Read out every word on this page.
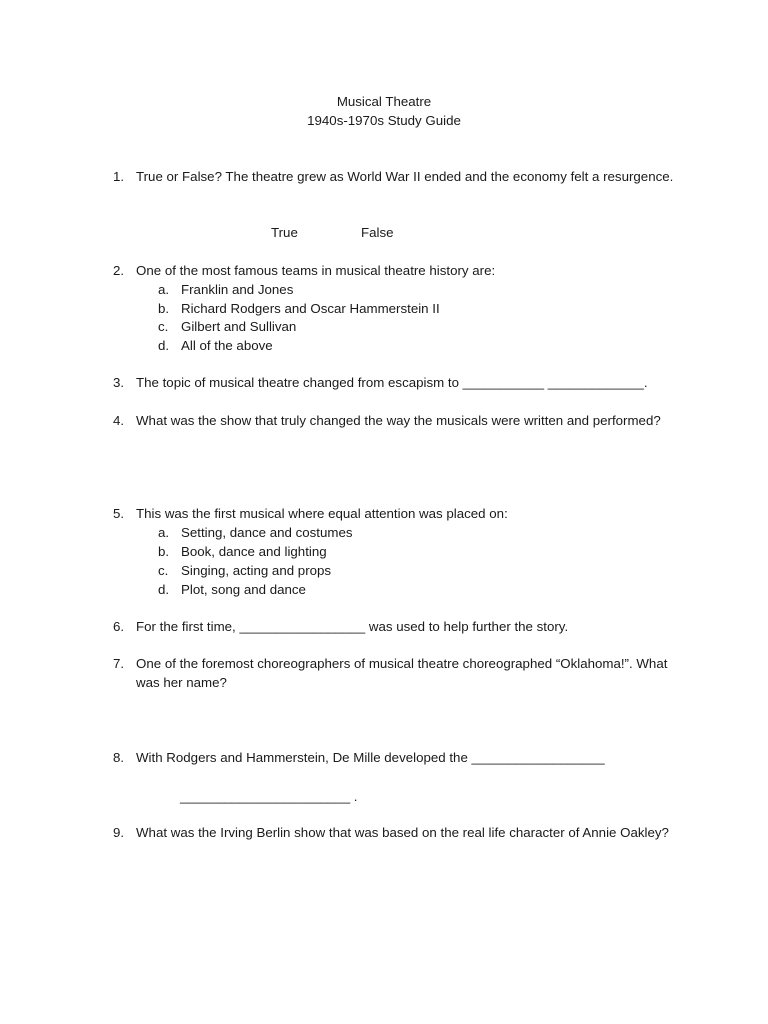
Musical Theatre
1940s-1970s Study Guide
1. True or False? The theatre grew as World War II ended and the economy felt a resurgence.
True	False
2. One of the most famous teams in musical theatre history are:
a. Franklin and Jones
b. Richard Rodgers and Oscar Hammerstein II
c. Gilbert and Sullivan
d. All of the above
3. The topic of musical theatre changed from escapism to ___________ _____________.
4. What was the show that truly changed the way the musicals were written and performed?
5. This was the first musical where equal attention was placed on:
a. Setting, dance and costumes
b. Book, dance and lighting
c. Singing, acting and props
d. Plot, song and dance
6. For the first time, _________________ was used to help further the story.
7. One of the foremost choreographers of musical theatre choreographed “Oklahoma!”. What was her name?
8. With Rodgers and Hammerstein, De Mille developed the __________________
_______________________ .
9. What was the Irving Berlin show that was based on the real life character of Annie Oakley?
